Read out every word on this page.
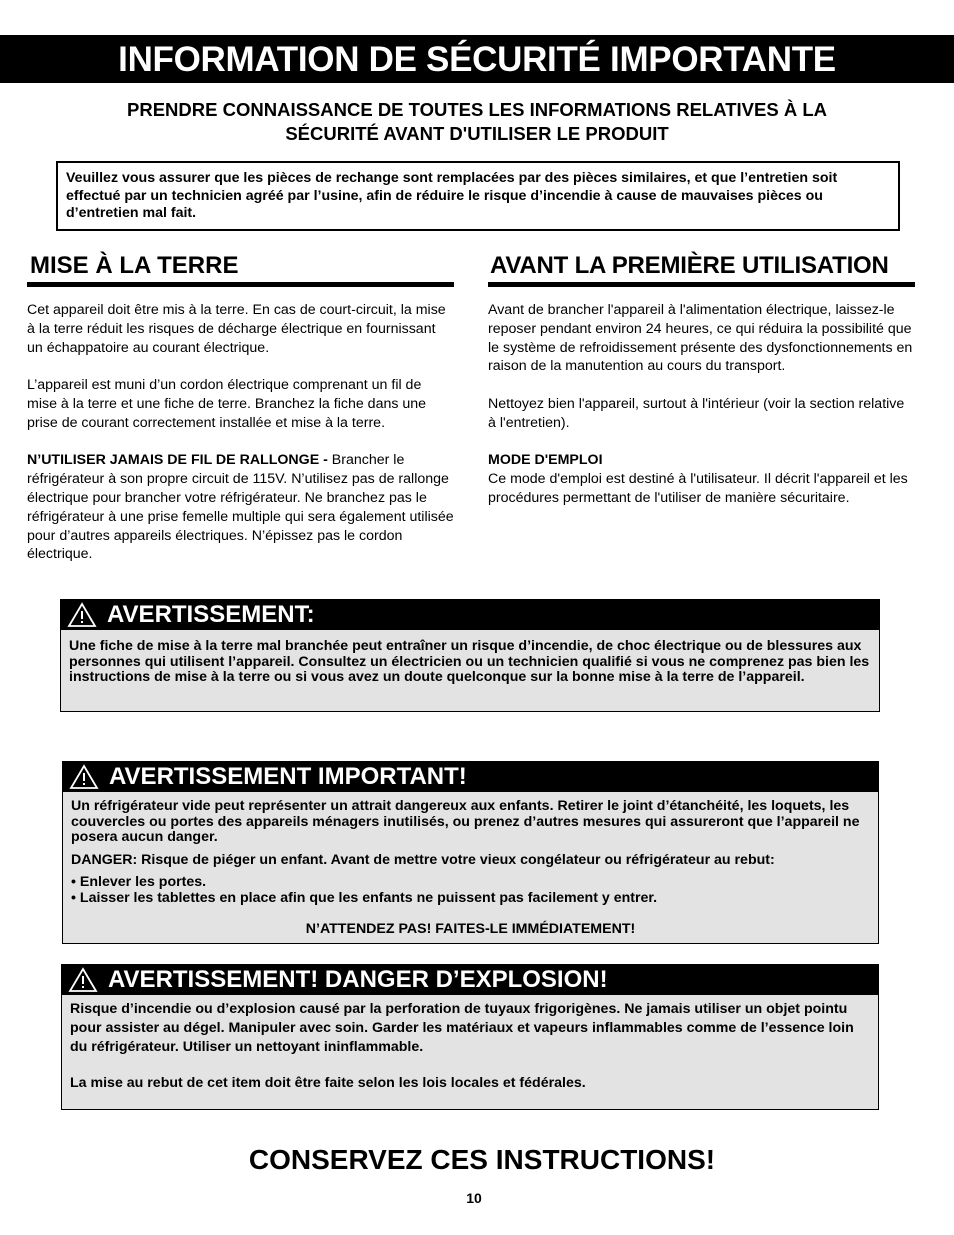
INFORMATION DE SÉCURITÉ IMPORTANTE
PRENDRE CONNAISSANCE DE TOUTES LES INFORMATIONS RELATIVES À LA
SÉCURITÉ AVANT D'UTILISER LE PRODUIT
Veuillez vous assurer que les pièces de rechange sont remplacées par des pièces similaires, et que l’entretien soit effectué par un technicien agréé par l’usine, afin de réduire le risque d’incendie à cause de mauvaises pièces ou d’entretien mal fait.
MISE À LA TERRE

Cet appareil doit être mis à la terre. En cas de court-circuit, la mise à la terre réduit les risques de décharge électrique en fournissant un échappatoire au courant électrique.

L’appareil est muni d’un cordon électrique comprenant un fil de mise à la terre et une fiche de terre. Branchez la fiche dans une prise de courant correctement installée et mise à la terre.

N’UTILISER JAMAIS DE FIL DE RALLONGE - Brancher le réfrigérateur à son propre circuit de 115V. N’utilisez pas de rallonge électrique pour brancher votre réfrigérateur. Ne branchez pas le réfrigérateur à une prise femelle multiple qui sera également utilisée pour d’autres appareils électriques. N’épissez pas le cordon électrique.

AVANT LA PREMIÈRE UTILISATION

Avant de brancher l'appareil à l'alimentation électrique, laissez-le reposer pendant environ 24 heures, ce qui réduira la possibilité que le système de refroidissement présente des dysfonctionnements en raison de la manutention au cours du transport.

Nettoyez bien l'appareil, surtout à l'intérieur (voir la section relative à l'entretien).

MODE D'EMPLOI
Ce mode d'emploi est destiné à l'utilisateur. Il décrit l'appareil et les procédures permettant de l'utiliser de manière sécuritaire.

AVERTISSEMENT:
Une fiche de mise à la terre mal branchée peut entraîner un risque d’incendie, de choc électrique ou de blessures aux personnes qui utilisent l’appareil. Consultez un électricien ou un technicien qualifié si vous ne comprenez pas bien les instructions de mise à la terre ou si vous avez un doute quelconque sur la bonne mise à la terre de l’appareil.
AVERTISSEMENT IMPORTANT!

Un réfrigérateur vide peut représenter un attrait dangereux aux enfants. Retirer le joint d’étanchéité, les loquets, les couvercles ou portes des appareils ménagers inutilisés, ou prenez d’autres mesures qui assureront que l’appareil ne posera aucun danger.

DANGER: Risque de piéger un enfant. Avant de mettre votre vieux congélateur ou réfrigérateur au rebut:

• Enlever les portes.

• Laisser les tablettes en place afin que les enfants ne puissent pas facilement y entrer.

N’ATTENDEZ PAS! FAITES-LE IMMÉDIATEMENT!

AVERTISSEMENT! DANGER D’EXPLOSION!

Risque d’incendie ou d’explosion causé par la perforation de tuyaux frigorigènes. Ne jamais utiliser un objet pointu pour assister au dégel. Manipuler avec soin. Garder les matériaux et vapeurs inflammables comme de l’essence loin du réfrigérateur. Utiliser un nettoyant ininflammable.

La mise au rebut de cet item doit être faite selon les lois locales et fédérales.

CONSERVEZ CES INSTRUCTIONS!
10
